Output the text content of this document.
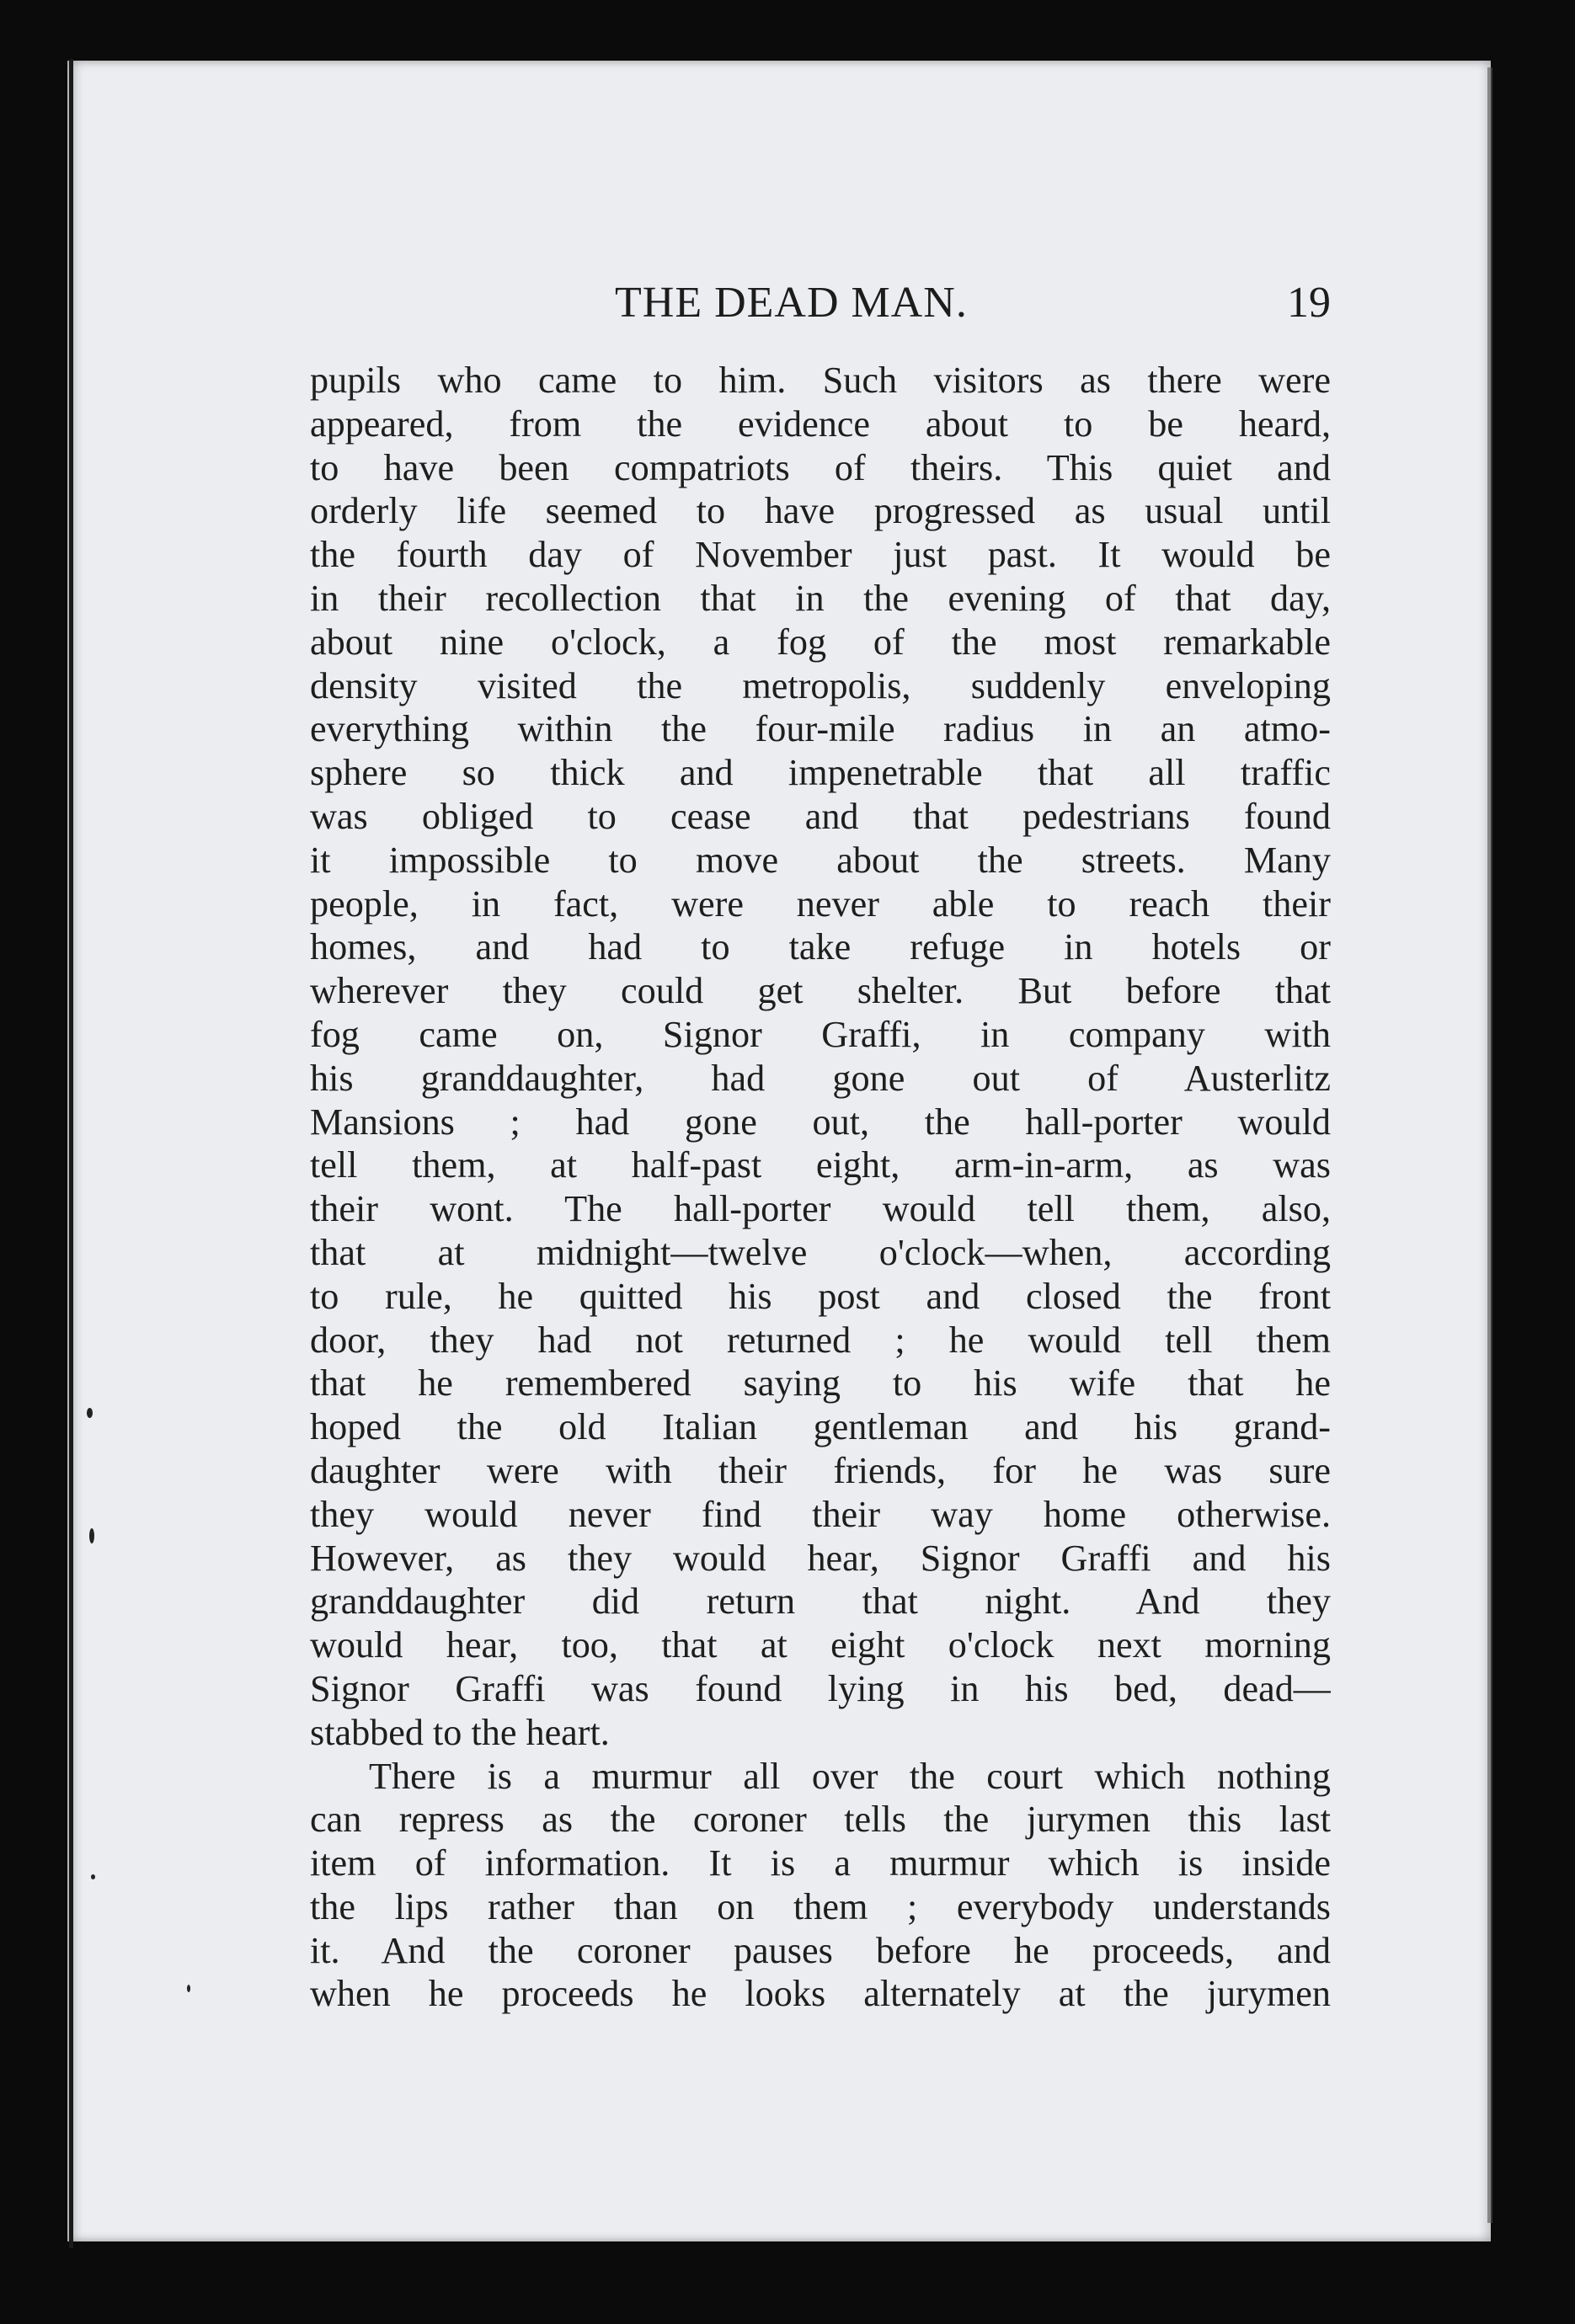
THE DEAD MAN.	19
pupils who came to him. Such visitors as there were
appeared, from the evidence about to be heard,
to have been compatriots of theirs. This quiet and
orderly life seemed to have progressed as usual until
the fourth day of November just past. It would be
in their recollection that in the evening of that day,
about nine o'clock, a fog of the most remarkable
density visited the metropolis, suddenly enveloping
everything within the four-mile radius in an atmo-
sphere so thick and impenetrable that all traffic
was obliged to cease and that pedestrians found
it impossible to move about the streets. Many
people, in fact, were never able to reach their
homes, and had to take refuge in hotels or
wherever they could get shelter. But before that
fog came on, Signor Graffi, in company with
his granddaughter, had gone out of Austerlitz
Mansions ; had gone out, the hall-porter would
tell them, at half-past eight, arm-in-arm, as was
their wont. The hall-porter would tell them, also,
that at midnight—twelve o'clock—when, according
to rule, he quitted his post and closed the front
door, they had not returned ; he would tell them
that he remembered saying to his wife that he
hoped the old Italian gentleman and his grand-
daughter were with their friends, for he was sure
they would never find their way home otherwise.
However, as they would hear, Signor Graffi and his
granddaughter did return that night. And they
would hear, too, that at eight o'clock next morning
Signor Graffi was found lying in his bed, dead—
stabbed to the heart.
There is a murmur all over the court which nothing
can repress as the coroner tells the jurymen this last
item of information. It is a murmur which is inside
the lips rather than on them ; everybody understands
it. And the coroner pauses before he proceeds, and
when he proceeds he looks alternately at the jurymen
